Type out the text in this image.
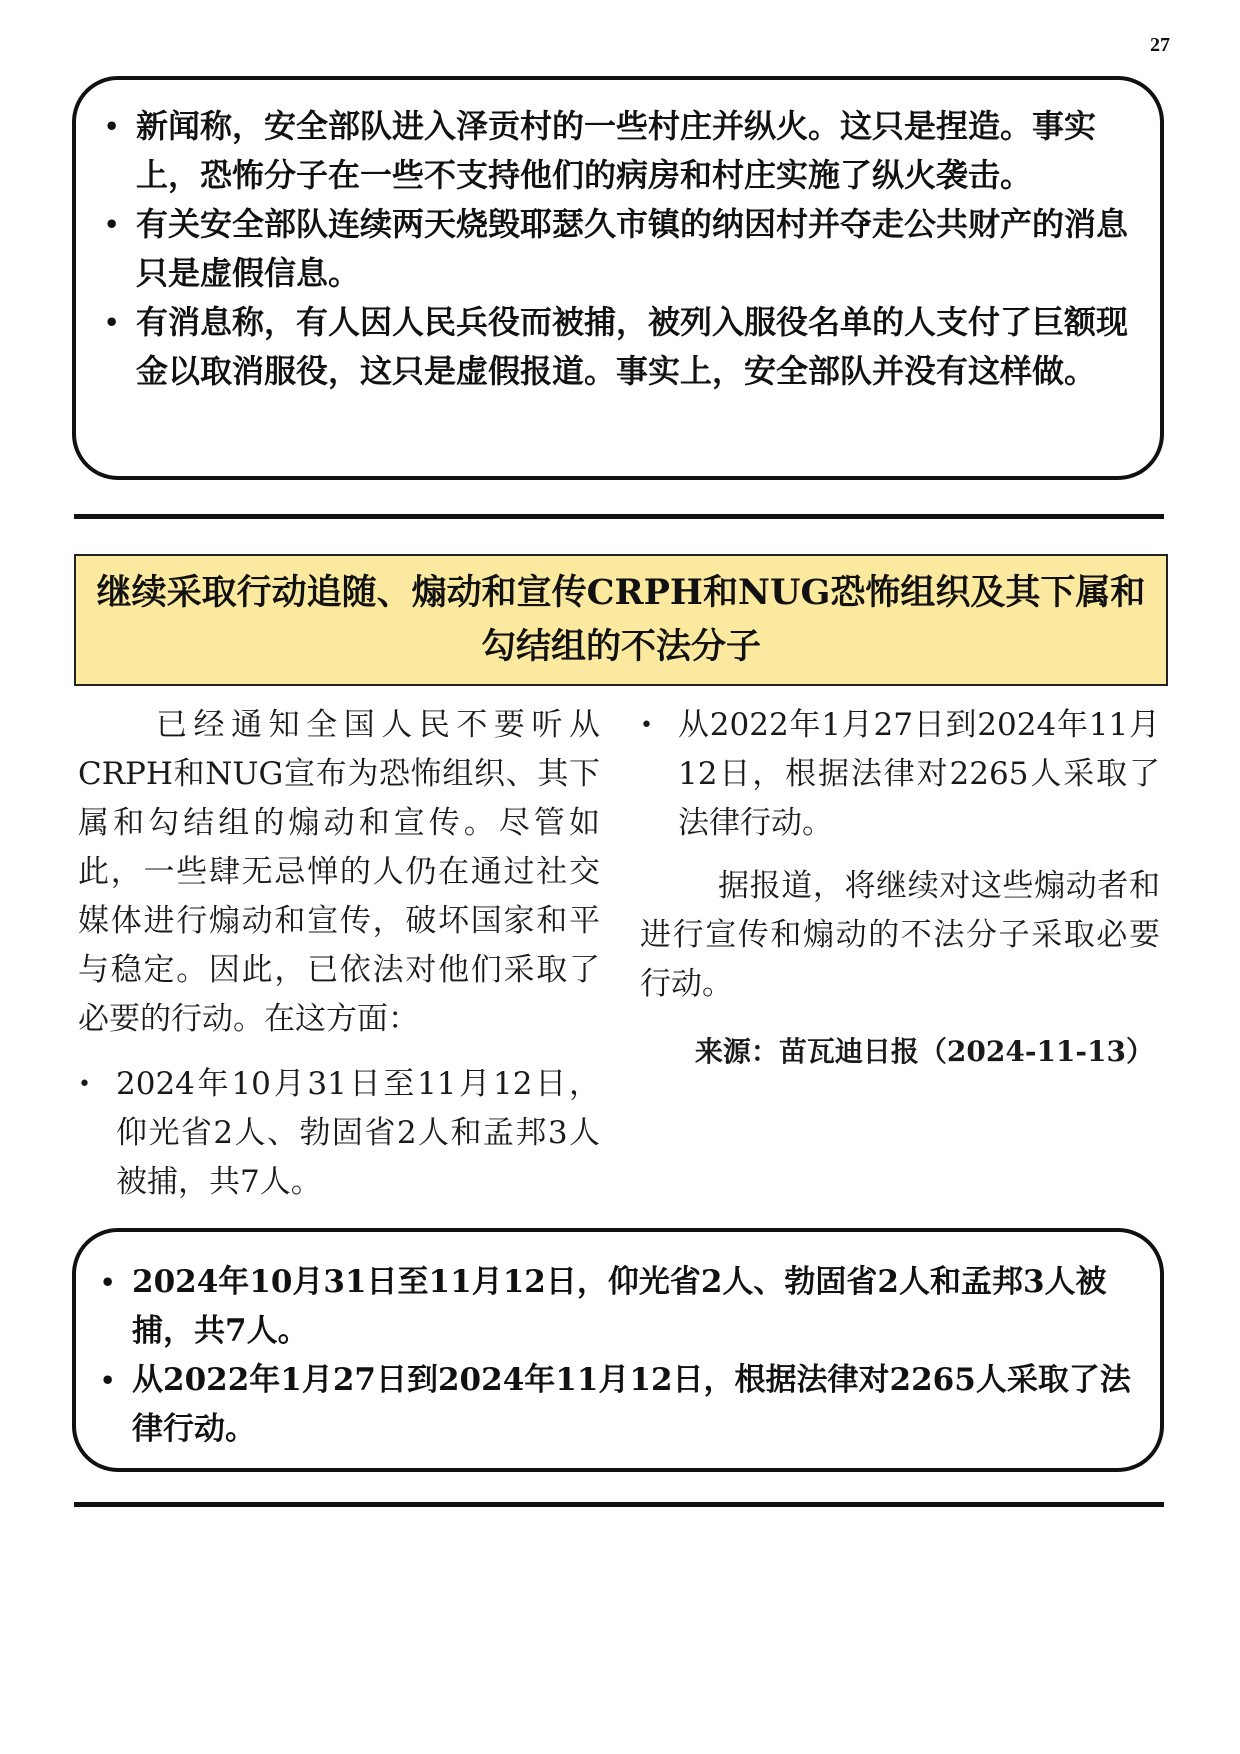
27
• 新闻称，安全部队进入泽贡村的一些村庄并纵火。这只是捏造。事实上，恐怖分子在一些不支持他们的病房和村庄实施了纵火袭击。
• 有关安全部队连续两天烧毁耶瑟久市镇的纳因村并夺走公共财产的消息只是虚假信息。
• 有消息称，有人因人民兵役而被捕，被列入服役名单的人支付了巨额现金以取消服役，这只是虚假报道。事实上，安全部队并没有这样做。
继续采取行动追随、煽动和宣传CRPH和NUG恐怖组织及其下属和勾结组的不法分子

已经通知全国人民不要听从CRPH和NUG宣布为恐怖组织、其下属和勾结组的煽动和宣传。尽管如此，一些肆无忌惮的人仍在通过社交媒体进行煽动和宣传，破坏国家和平与稳定。因此，已依法对他们采取了必要的行动。在这方面：

• 2024年10月31日至11月12日，仰光省2人、勃固省2人和孟邦3人被捕，共7人。
• 从2022年1月27日到2024年11月12日，根据法律对2265人采取了法律行动。

据报道，将继续对这些煽动者和进行宣传和煽动的不法分子采取必要行动。

来源：苗瓦迪日报（2024-11-13）
• 2024年10月31日至11月12日，仰光省2人、勃固省2人和孟邦3人被捕，共7人。
• 从2022年1月27日到2024年11月12日，根据法律对2265人采取了法律行动。
